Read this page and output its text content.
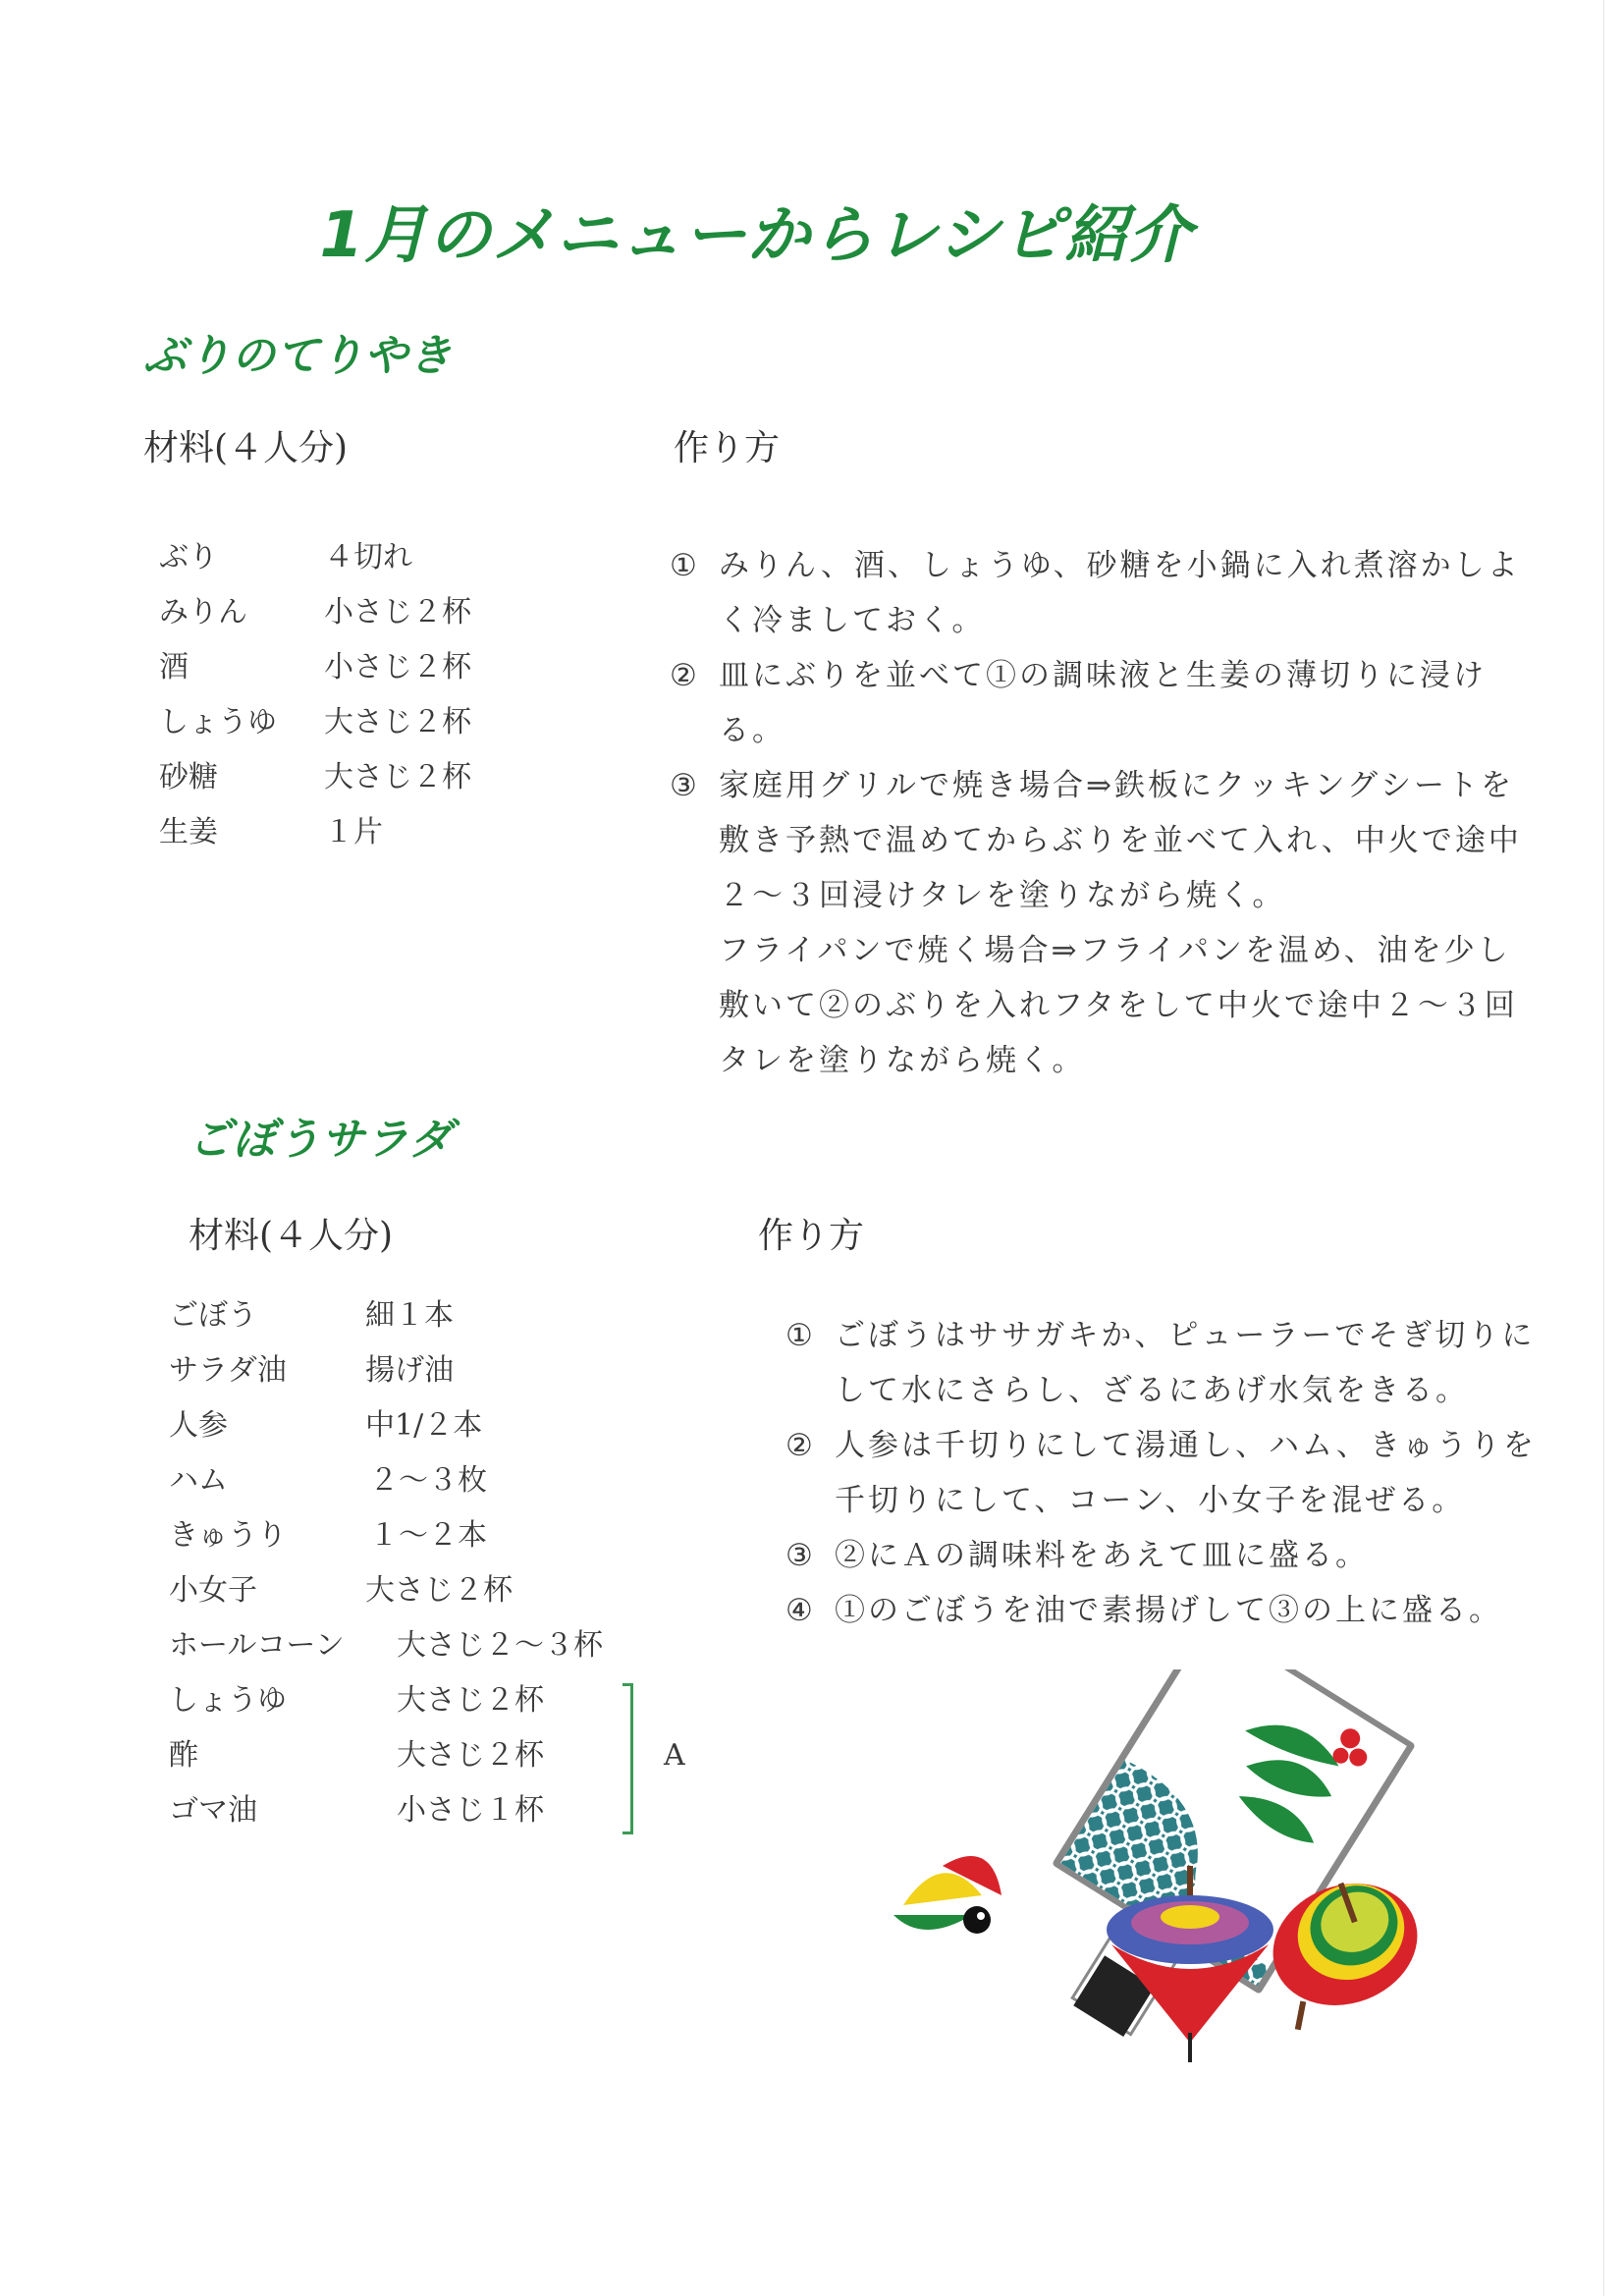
1月のメニューからレシピ紹介
ぶりのてりやき
材料(４人分)	作り方
ぶり	４切れ
みりん	小さじ２杯
酒	小さじ２杯
しょうゆ 大さじ２杯
砂糖	大さじ２杯
生姜	１片
① みりん、酒、しょうゆ、砂糖を小鍋に入れ煮溶かしよく冷ましておく。
② 皿にぶりを並べて①の調味液と生姜の薄切りに浸ける。
③ 家庭用グリルで焼き場合⇒鉄板にクッキングシートを敷き予熱で温めてからぶりを並べて入れ、中火で途中２～３回浸けタレを塗りながら焼く。
フライパンで焼く場合⇒フライパンを温め、油を少し敷いて②のぶりを入れフタをして中火で途中２～３回タレを塗りながら焼く。
ごぼうサラダ
材料(４人分)	作り方
ごぼう	細１本
サラダ油	揚げ油
人参	中1/２本
ハム	２～３枚
きゅうり	１～２本
小女子	大さじ２杯
ホールコーン 大さじ２～３杯
しょうゆ	大さじ２杯
酢	大さじ２杯
ゴマ油	小さじ１杯
A
① ごぼうはササガキか、ピューラーでそぎ切りにして水にさらし、ざるにあげ水気をきる。
② 人参は千切りにして湯通し、ハム、きゅうりを千切りにして、コーン、小女子を混ぜる。
③ ②にＡの調味料をあえて皿に盛る。
④ ①のごぼうを油で素揚げして③の上に盛る。
